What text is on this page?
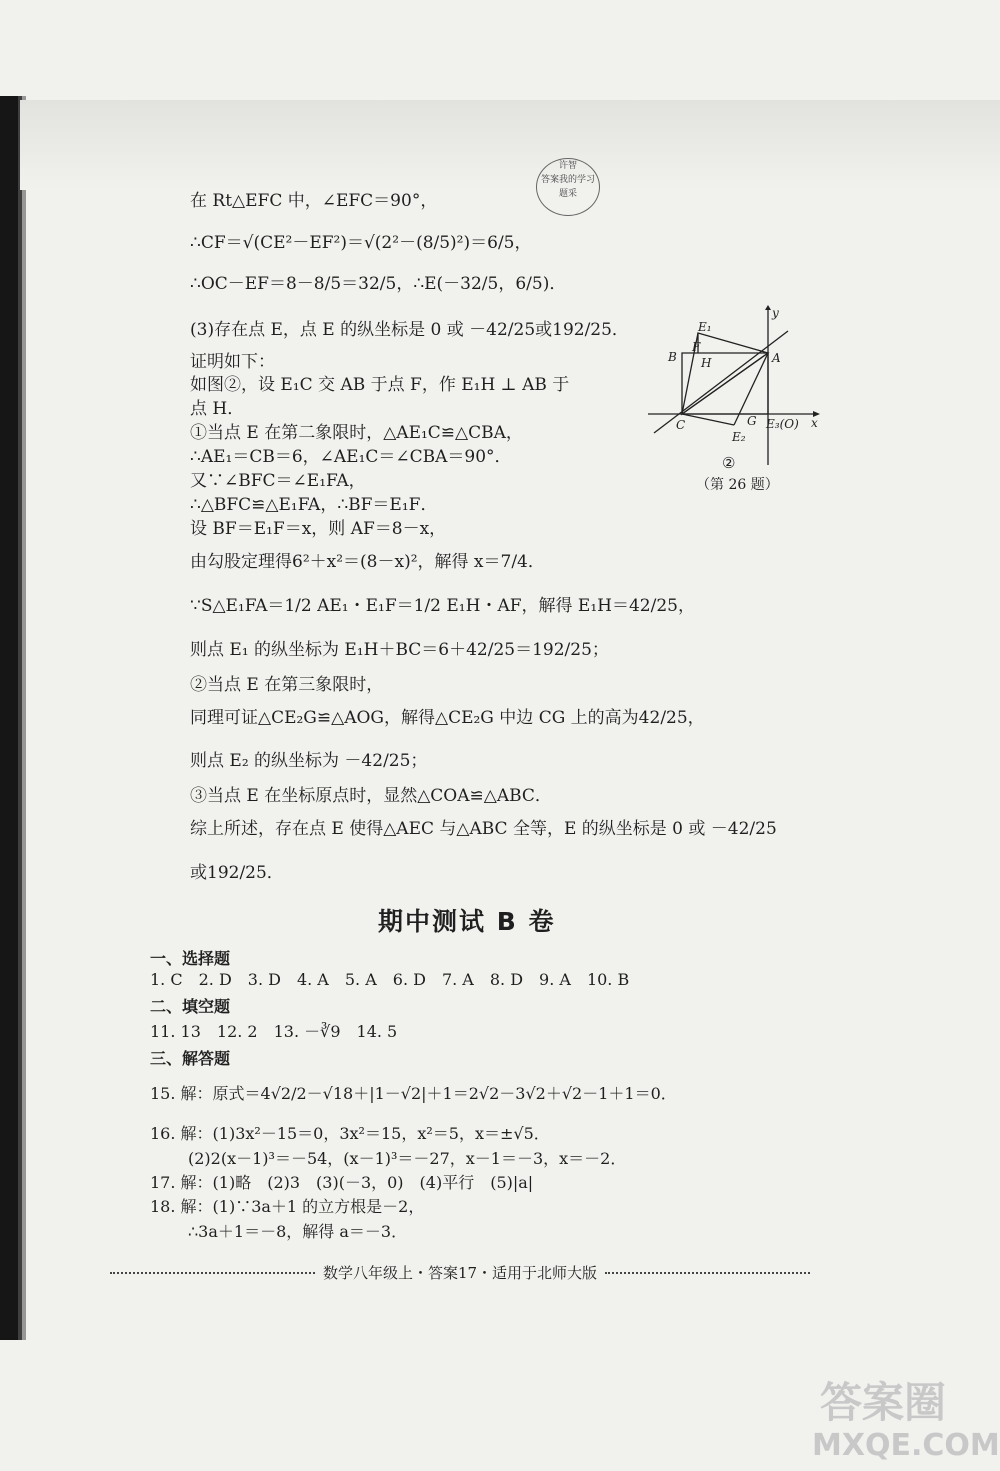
许智
答案我的学习
题采
在 Rt△EFC 中，∠EFC＝90°，
∴CF＝√(CE²－EF²)＝√(2²－(8/5)²)＝6/5，
∴OC－EF＝8－8/5＝32/5，∴E(－32/5，6/5)．
(3)存在点 E，点 E 的纵坐标是 0 或 －42/25或192/25．
证明如下：
如图②，设 E₁C 交 AB 于点 F，作 E₁H ⊥ AB 于
点 H．
①当点 E 在第二象限时，△AE₁C≌△CBA，
∴AE₁＝CB＝6，∠AE₁C＝∠CBA＝90°．
又∵∠BFC＝∠E₁FA，
∴△BFC≌△E₁FA，∴BF＝E₁F．
设 BF＝E₁F＝x，则 AF＝8－x，
由勾股定理得6²＋x²＝(8－x)²，解得 x＝7/4．
∵S△E₁FA＝1/2 AE₁・E₁F＝1/2 E₁H・AF，解得 E₁H＝42/25，
则点 E₁ 的纵坐标为 E₁H＋BC＝6＋42/25＝192/25；
②当点 E 在第三象限时，
同理可证△CE₂G≌△AOG，解得△CE₂G 中边 CG 上的高为42/25，
则点 E₂ 的纵坐标为 －42/25；
③当点 E 在坐标原点时，显然△COA≌△ABC．
综上所述，存在点 E 使得△AEC 与△ABC 全等，E 的纵坐标是 0 或 －42/25
或192/25．
E₁
F
B H	A
y
C	G
E₂
E₃(O) x
②
（第 26 题）
期中测试 B 卷
一、选择题
1. C　2. D　3. D　4. A　5. A　6. D　7. A　8. D　9. A　10. B
二、填空题
11. 13　12. 2　13. －∛9　14. 5
三、解答题
15. 解：原式＝4√2/2－√18＋|1－√2|＋1＝2√2－3√2＋√2－1＋1＝0．
16. 解：(1)3x²－15＝0，3x²＝15，x²＝5，x＝±√5．
(2)2(x－1)³＝－54，(x－1)³＝－27，x－1＝－3，x＝－2．
17. 解：(1)略　(2)3　(3)(－3，0)　(4)平行　(5)|a|
18. 解：(1)∵3a＋1 的立方根是－2，
∴3a＋1＝－8，解得 a＝－3．
数学八年级上・答案17・适用于北师大版
答案圈
MXQE.COM
